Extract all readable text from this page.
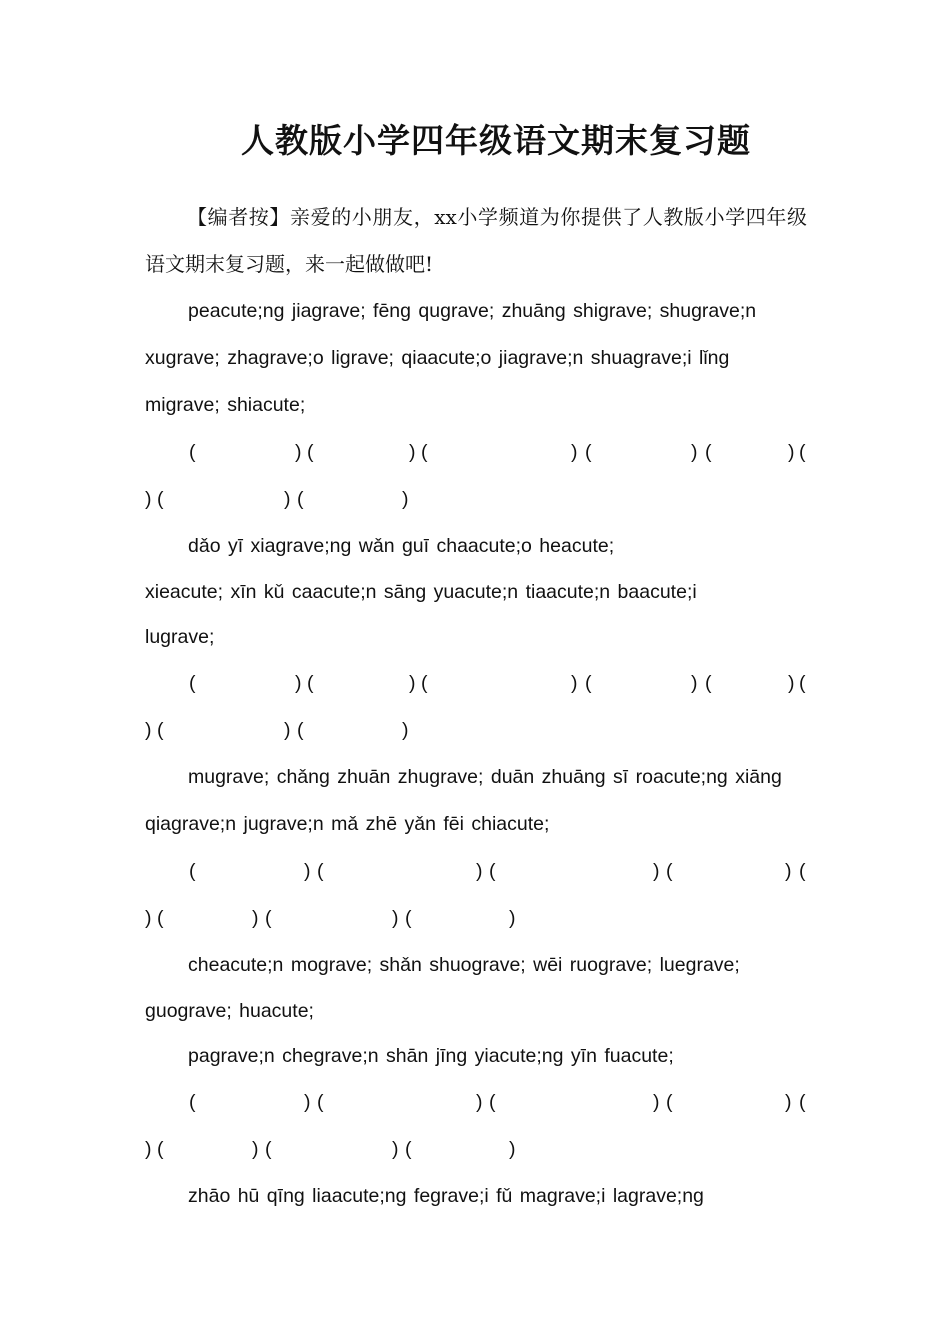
人教版小学四年级语文期末复习题

【编者按】亲爱的小朋友，xx小学频道为你提供了人教版小学四年级语文期末复习题，来一起做做吧!

peacute;ng jiagrave; fēng qugrave; zhuāng shigrave; shugrave;n

xugrave; zhagrave;o ligrave; qiaacute;o jiagrave;n shuagrave;i lǐng

migrave; shiacute;

(	) (	) (	) (	) (	) (
) (	) (	)

dǎo yī xiagrave;ng wǎn guī chaacute;o heacute;

xieacute; xīn kǔ caacute;n sāng yuacute;n tiaacute;n baacute;i

lugrave;

(	) (	) (	) (	) (	) (
) (	) (	)

mugrave; chǎng zhuān zhugrave; duān zhuāng sī roacute;ng xiāng

qiagrave;n jugrave;n mǎ zhē yǎn fēi chiacute;

(	) (	) (	) (	) (
) (	) (	) (	)

cheacute;n mograve; shǎn shuograve; wēi ruograve; luegrave;

guograve; huacute;

pagrave;n chegrave;n shān jīng yiacute;ng yīn fuacute;

(	) (	) (	) (	) (
) (	) (	) (	)

zhāo hū qīng liaacute;ng fegrave;i fǔ magrave;i lagrave;ng
